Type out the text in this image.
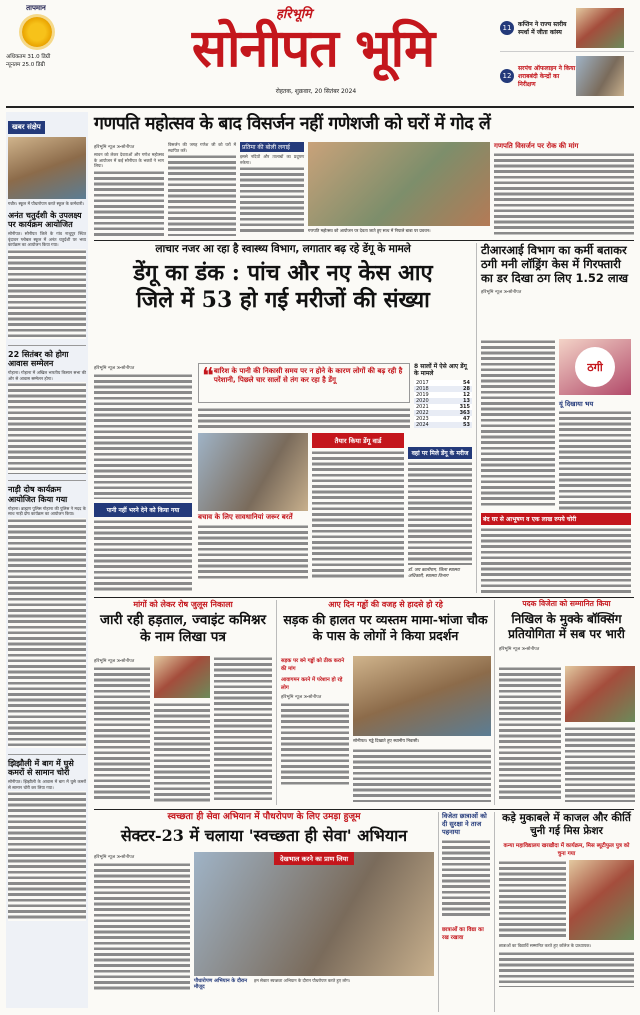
तापमान
अधिकतम 31.0 डिग्री
न्यूनतम 25.0 डिग्री
हरिभूमि
सोनीपत भूमि
रोहतक, शुक्रवार, 20 सितंबर 2024
11	कप्तिन ने राज्य स्तरीय स्पर्धा में जीता कांस्य
12
सरपंच ऑफलाइन ने किया शराबबंदी केन्द्रों का निरीक्षण
खबर संक्षेप

गन्नौर। स्कूल में पौधारोपण करते स्कूल के कर्मचारी।

अनंत चतुर्दशी के उपलक्ष्य पर कार्यक्रम आयोजित

सोनीपत। सोनीपत जिले के गांव नाथूपुर स्थित वृंदावन ग्लोबल स्कूल में अनंत चतुर्दशी पर भव्य कार्यक्रम का आयोजन किया गया।

22 सितंबर को होगा आवास सम्मेलन

गोहाना। गोहाना में अखिल भारतीय किसान सभा की ओर से आवास सम्मेलन होगा।

नाड़ी दोष कार्यक्रम आयोजित किया गया

गोहाना। ब्राह्मण पुलिस गोहाना की पुलिस ने मदद के साथ नाड़ी दोष कार्यक्रम का आयोजन किया।

झिझौली में बाग में घुसे कमरों से सामान चोरी

सोनीपत। झिझौली के आवास में बाग में घुसे कमरों से सामान चोरी कर लिया गया।

गणपति महोत्सव के बाद विसर्जन नहीं गणेशजी को घरों में गोद लें
हरिभूमि न्यूज ≫सोनीपत

सावन को लेकर देवताओं और गणेश महोत्सव के आयोजन में कई सोनीपत के भक्तों ने भाग लिया।

विसर्जन की जगह गणेश जी को घरों में स्थापित करें।	प्रतिमा की बोली लगाई

इससे नदियों और तालाबों का प्रदूषण रुकेगा।

गणपति महोत्सव को आयोजन पर देवता जाते हुए साथ में नियाले बाबा पर प्रवचन।
गणपति विसर्जन पर रोक की मांग

लाचार नजर आ रहा है स्वास्थ्य विभाग, लगातार बढ़ रहे डेंगू के मामले
डेंगू का डंक : पांच और नए केस आए
जिले में 53 हो गई मरीजों की संख्या
हरिभूमि न्यूज ≫सोनीपत

पानी नहीं भरने देने को किया गया

❝ बारिश के पानी की निकासी समय पर न होने के कारण लोगों की बढ़ रही है परेशानी, पिछले चार सालों से तंग कर रहा है डेंगू

8 सालों में ऐसे आए डेंगू के मामले
2017	54
2018	28
2019	12
2020	13
2021	315
2022	363
2023	47
2024	53
बचाव के लिए सावधानियां जरूर बरतें

तैयार किया डेंगू वार्ड

वहां पर मिले डेंगू के मरीज

डॉ. जय कालीराम, जिला स्वास्थ्य अधिकारी, स्वास्थ्य विभाग
टीआरआई विभाग का कर्मी बताकर ठगी मनी लॉड्रिंग केस में गिरफ्तारी का डर दिखा ठग लिए 1.52 लाख
हरिभूमि न्यूज ≫सोनीपत

ठगी
यूं दिखाया भय

बंद घर से आभूषण व एक लाख रुपये चोरी

मांगों को लेकर रोष जुलूस निकाला
जारी रही हड़ताल, ज्वाइंट कमिश्नर के नाम लिखा पत्र
हरिभूमि न्यूज ≫सोनीपत

आए दिन गड्ढों की वजह से हादसे हो रहे
सड़क की हालत पर व्यस्तम मामा-भांजा चौक के पास के लोगों ने किया प्रदर्शन
सड़क पर बने गड्ढों को ठीक कराने की मांग
आवागमन करने में परेशान हो रहे लोग
हरिभूमि न्यूज ≫सोनीपत

सोनीपत। गड्ढे दिखाते हुए स्थानीय निवासी।

पदक विजेता को सम्मानित किया
निखिल के मुक्के बॉक्सिंग प्रतियोगिता में सब पर भारी
हरिभूमि न्यूज ≫सोनीपत

स्वच्छता ही सेवा अभियान में पौधरोपण के लिए उमड़ा हुजूम
सेक्टर-23 में चलाया 'स्वच्छता ही सेवा' अभियान
हरिभूमि न्यूज ≫सोनीपत	देखभाल करने का प्राण लिया
पौधारोपण अभियान के दौरान मौजूद

हम सेक्टर स्वच्छता अभियान के दौरान पौधरोपण करते हुए लोग।

विजेता छात्राओं को दी सुरक्षा ने ताज पहनाया

छात्राओं का विद्या का रख रखावा
कड़े मुकाबले में काजल और कीर्ति चुनी गई मिस फ्रेशर
कन्या महाविद्यालय खरखौदा में कार्यक्रम, मिस ब्यूटीफुल पुत्र को चुना गया

छात्राओं का विद्यार्थि सम्मानित करते हुए कॉलेज के प्राध्यापक।
